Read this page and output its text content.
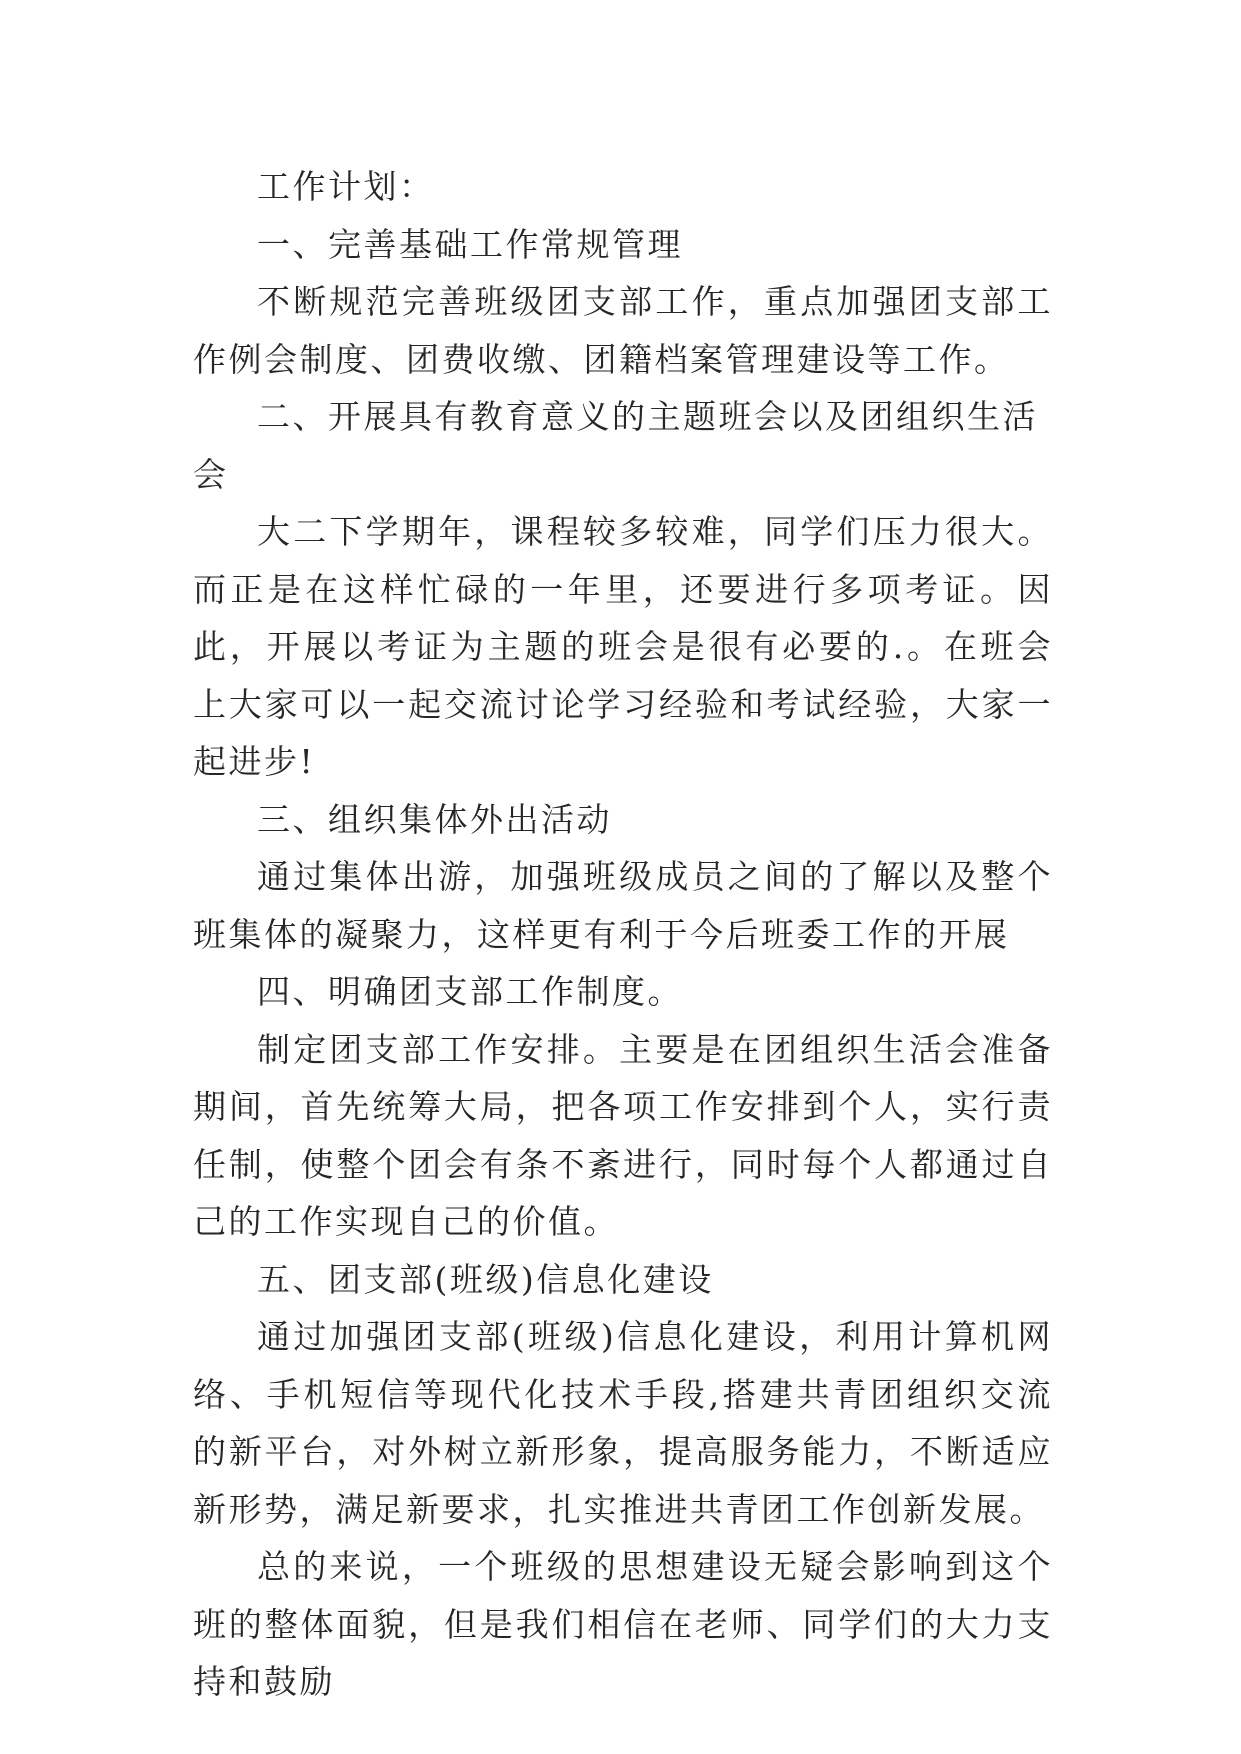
工作计划：

一、完善基础工作常规管理

不断规范完善班级团支部工作，重点加强团支部工作例会制度、团费收缴、团籍档案管理建设等工作。

二、开展具有教育意义的主题班会以及团组织生活会

大二下学期年，课程较多较难，同学们压力很大。而正是在这样忙碌的一年里，还要进行多项考证。因此，开展以考证为主题的班会是很有必要的.。在班会上大家可以一起交流讨论学习经验和考试经验，大家一起进步!

三、组织集体外出活动

通过集体出游，加强班级成员之间的了解以及整个班集体的凝聚力，这样更有利于今后班委工作的开展

四、明确团支部工作制度。

制定团支部工作安排。主要是在团组织生活会准备期间，首先统筹大局，把各项工作安排到个人，实行责任制，使整个团会有条不紊进行，同时每个人都通过自己的工作实现自己的价值。

五、团支部(班级)信息化建设

通过加强团支部(班级)信息化建设，利用计算机网络、手机短信等现代化技术手段,搭建共青团组织交流的新平台，对外树立新形象，提高服务能力，不断适应新形势，满足新要求，扎实推进共青团工作创新发展。

总的来说，一个班级的思想建设无疑会影响到这个班的整体面貌，但是我们相信在老师、同学们的大力支持和鼓励
